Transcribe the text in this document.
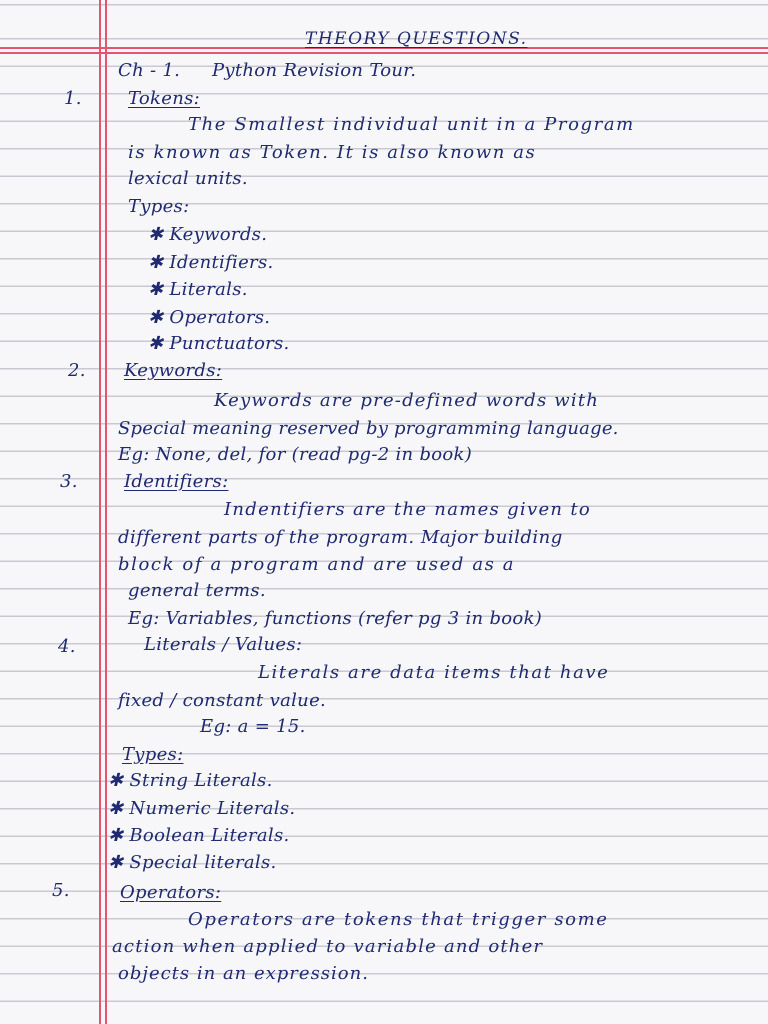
THEORY QUESTIONS.
Ch - 1. Python Revision Tour.
1.	Tokens:
The Smallest individual unit in a Program
is known as Token. It is also known as
lexical units.
Types:
✱ Keywords.
✱ Identifiers.
✱ Literals.
✱ Operators.
✱ Punctuators.
2. Keywords:
Keywords are pre-defined words with
Special meaning reserved by programming language.
Eg: None, del, for (read pg-2 in book)
3.	Identifiers:
Indentifiers are the names given to
different parts of the program. Major building
block of a program and are used as a
general terms.
Eg: Variables, functions (refer pg 3 in book)
4.	Literals / Values:
Literals are data items that have
fixed / constant value.
Eg: a = 15.
Types:
✱ String Literals.
✱ Numeric Literals.
✱ Boolean Literals.
✱ Special literals.
5.	Operators:
Operators are tokens that trigger some
action when applied to variable and other
objects in an expression.
